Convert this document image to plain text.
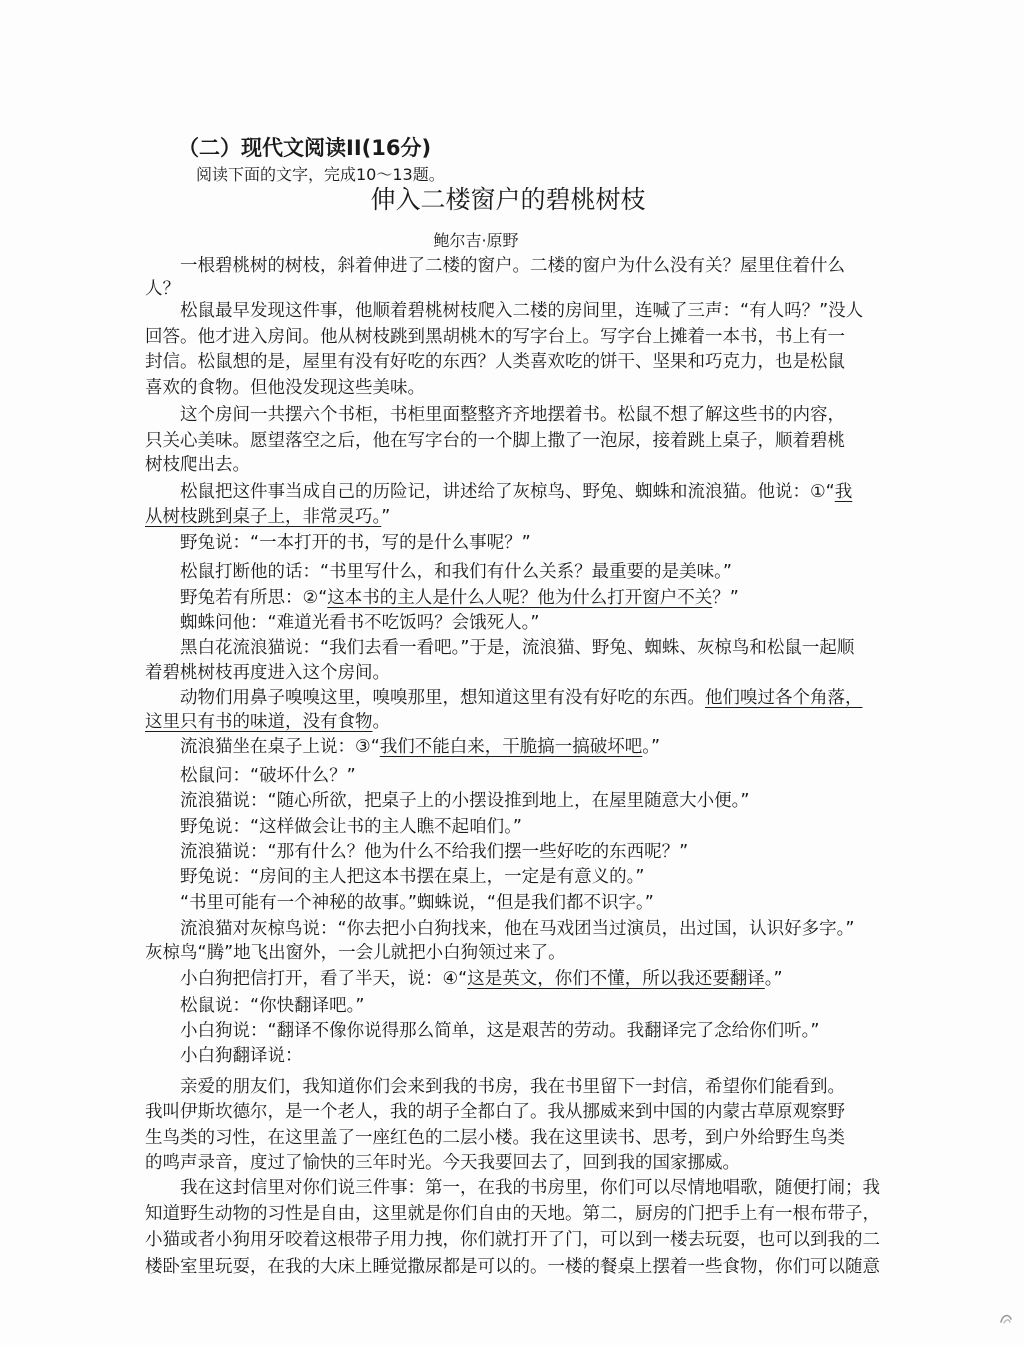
（二）现代文阅读II(16分)
阅读下面的文字，完成10～13题。
伸入二楼窗户的碧桃树枝
鲍尔吉·原野
一根碧桃树的树枝，斜着伸进了二楼的窗户。二楼的窗户为什么没有关？屋里住着什么
人？
松鼠最早发现这件事，他顺着碧桃树枝爬入二楼的房间里，连喊了三声：“有人吗？”没人
回答。他才进入房间。他从树枝跳到黑胡桃木的写字台上。写字台上摊着一本书，书上有一
封信。松鼠想的是，屋里有没有好吃的东西？人类喜欢吃的饼干、坚果和巧克力，也是松鼠
喜欢的食物。但他没发现这些美味。
这个房间一共摆六个书柜，书柜里面整整齐齐地摆着书。松鼠不想了解这些书的内容，
只关心美味。愿望落空之后，他在写字台的一个脚上撒了一泡尿，接着跳上桌子，顺着碧桃
树枝爬出去。
松鼠把这件事当成自己的历险记，讲述给了灰椋鸟、野兔、蜘蛛和流浪猫。他说：①“我
从树枝跳到桌子上，非常灵巧。”
野兔说：“一本打开的书，写的是什么事呢？”
松鼠打断他的话：“书里写什么，和我们有什么关系？最重要的是美味。”
野兔若有所思：②“这本书的主人是什么人呢？他为什么打开窗户不关？”
蜘蛛问他：“难道光看书不吃饭吗？会饿死人。”
黑白花流浪猫说：“我们去看一看吧。”于是，流浪猫、野兔、蜘蛛、灰椋鸟和松鼠一起顺
着碧桃树枝再度进入这个房间。
动物们用鼻子嗅嗅这里，嗅嗅那里，想知道这里有没有好吃的东西。他们嗅过各个角落，
这里只有书的味道，没有食物。
流浪猫坐在桌子上说：③“我们不能白来，干脆搞一搞破坏吧。”
松鼠问：“破坏什么？”
流浪猫说：“随心所欲，把桌子上的小摆设推到地上，在屋里随意大小便。”
野兔说：“这样做会让书的主人瞧不起咱们。”
流浪猫说：“那有什么？他为什么不给我们摆一些好吃的东西呢？”
野兔说：“房间的主人把这本书摆在桌上，一定是有意义的。”
“书里可能有一个神秘的故事。”蜘蛛说，“但是我们都不识字。”
流浪猫对灰椋鸟说：“你去把小白狗找来，他在马戏团当过演员，出过国，认识好多字。”
灰椋鸟“腾”地飞出窗外，一会儿就把小白狗领过来了。
小白狗把信打开，看了半天，说：④“这是英文，你们不懂，所以我还要翻译。”
松鼠说：“你快翻译吧。”
小白狗说：“翻译不像你说得那么简单，这是艰苦的劳动。我翻译完了念给你们听。”
小白狗翻译说：
亲爱的朋友们，我知道你们会来到我的书房，我在书里留下一封信，希望你们能看到。
我叫伊斯坎德尔，是一个老人，我的胡子全都白了。我从挪威来到中国的内蒙古草原观察野
生鸟类的习性，在这里盖了一座红色的二层小楼。我在这里读书、思考，到户外给野生鸟类
的鸣声录音，度过了愉快的三年时光。今天我要回去了，回到我的国家挪威。
我在这封信里对你们说三件事：第一，在我的书房里，你们可以尽情地唱歌，随便打闹；我
知道野生动物的习性是自由，这里就是你们自由的天地。第二，厨房的门把手上有一根布带子，
小猫或者小狗用牙咬着这根带子用力拽，你们就打开了门，可以到一楼去玩耍，也可以到我的二
楼卧室里玩耍，在我的大床上睡觉撒尿都是可以的。一楼的餐桌上摆着一些食物，你们可以随意
